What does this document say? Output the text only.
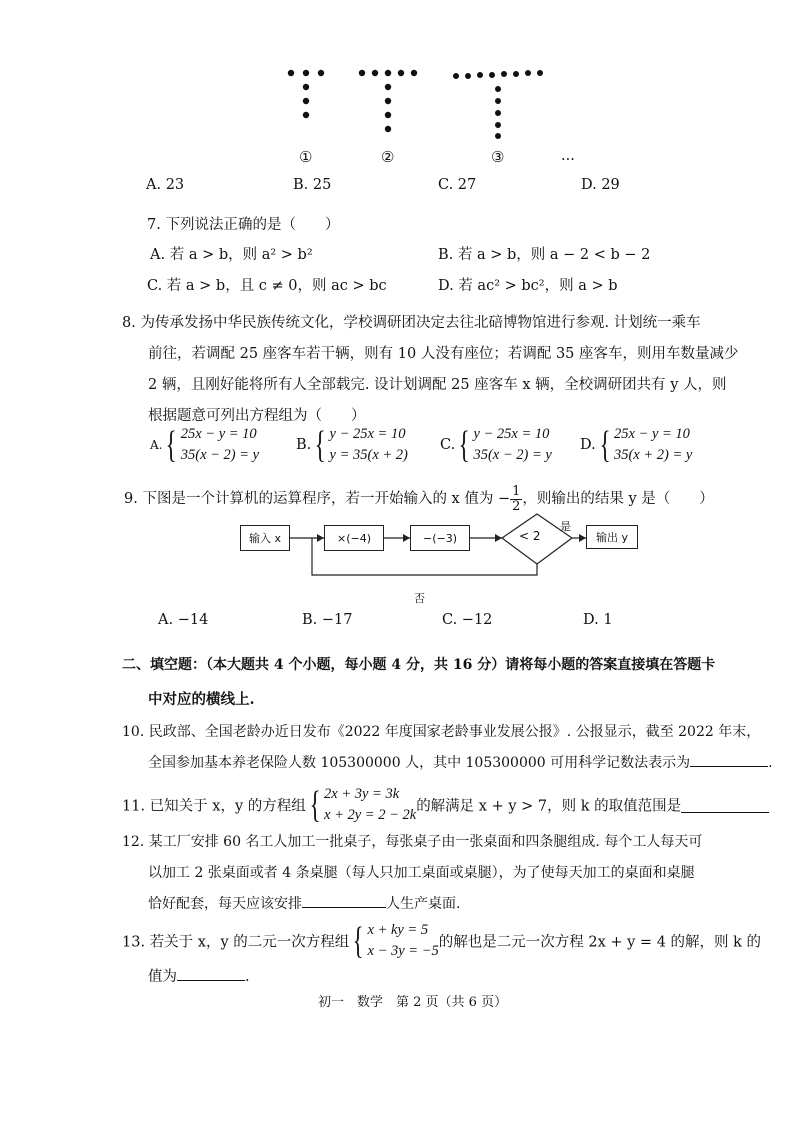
①	②	③	...
A. 23	B. 25	C. 27	D. 29
7. 下列说法正确的是（　　）
A. 若 a > b，则 a² > b²	B. 若 a > b，则 a − 2 < b − 2
C. 若 a > b，且 c ≠ 0，则 ac > bc	D. 若 ac² > bc²，则 a > b
8. 为传承发扬中华民族传统文化，学校调研团决定去往北碚博物馆进行参观. 计划统一乘车
前往，若调配 25 座客车若干辆，则有 10 人没有座位；若调配 35 座客车，则用车数量减少
2 辆，且刚好能将所有人全部载完. 设计划调配 25 座客车 x 辆，全校调研团共有 y 人，则
根据题意可列出方程组为（　　）
A.{ 25x − y = 10
35(x − 2) = y
B.{ y − 25x = 10
y = 35(x + 2)
C.{ y − 25x = 10
35(x − 2) = y
D.{ 25x − y = 10
35(x + 2) = y
9. 下图是一个计算机的运算程序，若一开始输入的 x 值为 − $\frac{1}{2}$ ，则输出的结果 y 是（　　）
输入 x	×(−4)	−(−3)	< 2
是
输出 y
否
A. −14	B. −17	C. −12	D. 1
二、填空题：（本大题共 4 个小题，每小题 4 分，共 16 分）请将每小题的答案直接填在答题卡
中对应的横线上.
10. 民政部、全国老龄办近日发布《2022 年度国家老龄事业发展公报》. 公报显示，截至 2022 年末，
全国参加基本养老保险人数 105300000 人，其中 105300000 可用科学记数法表示为	.
11. 已知关于 x，y 的方程组{ 2x + 3y = 3k
x + 2y = 2 − 2k的解满足 x + y > 7，则 k 的取值范围是
12. 某工厂安排 60 名工人加工一批桌子，每张桌子由一张桌面和四条腿组成. 每个工人每天可
以加工 2 张桌面或者 4 条桌腿（每人只加工桌面或桌腿），为了使每天加工的桌面和桌腿
恰好配套，每天应该安排	人生产桌面.
13. 若关于 x，y 的二元一次方程组{ x + ky = 5
x − 3y = −5的解也是二元一次方程 2x + y = 4 的解，则 k 的
值为	.
初一　数学　第 2 页（共 6 页）
